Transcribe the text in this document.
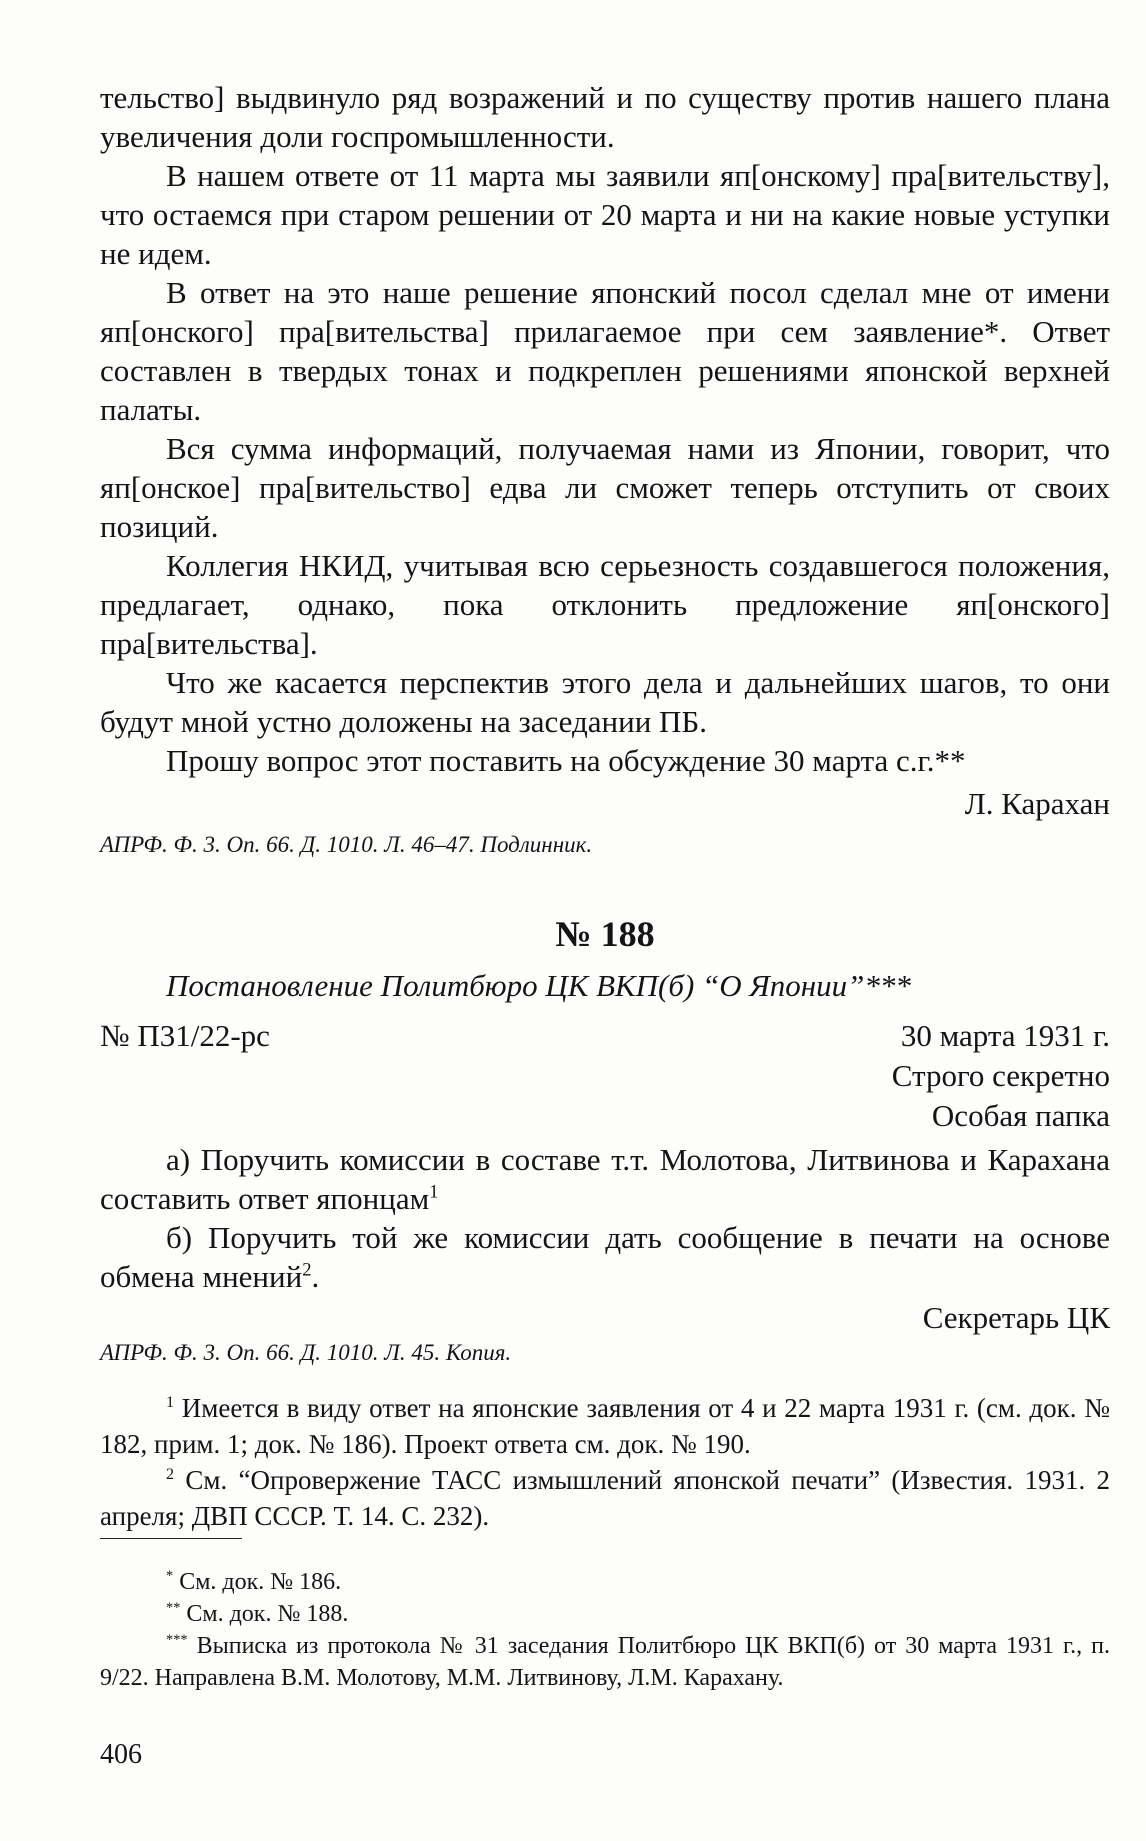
тельство] выдвинуло ряд возражений и по существу против нашего плана увеличения доли госпромышленности.

В нашем ответе от 11 марта мы заявили яп[онскому] пра[вительству], что остаемся при старом решении от 20 марта и ни на какие новые уступки не идем.

В ответ на это наше решение японский посол сделал мне от имени яп[онского] пра[вительства] прилагаемое при сем заявление*. Ответ составлен в твердых тонах и подкреплен решениями японской верхней палаты.

Вся сумма информаций, получаемая нами из Японии, говорит, что яп[онское] пра[вительство] едва ли сможет теперь отступить от своих позиций.

Коллегия НКИД, учитывая всю серьезность создавшегося положения, предлагает, однако, пока отклонить предложение яп[онского] пра[вительства].

Что же касается перспектив этого дела и дальнейших шагов, то они будут мной устно доложены на заседании ПБ.

Прошу вопрос этот поставить на обсуждение 30 марта с.г.**

Л. Карахан

АПРФ. Ф. 3. Оп. 66. Д. 1010. Л. 46–47. Подлинник.
№ 188
Постановление Политбюро ЦК ВКП(б) “О Японии”***
№ П31/22-рс	30 марта 1931 г.
Строго секретно
Особая папка

а) Поручить комиссии в составе т.т. Молотова, Литвинова и Карахана составить ответ японцам$^1$

б) Поручить той же комиссии дать сообщение в печати на основе обмена мнений$^2$.

Секретарь ЦК

АПРФ. Ф. 3. Оп. 66. Д. 1010. Л. 45. Копия.

$^1$ Имеется в виду ответ на японские заявления от 4 и 22 марта 1931 г. (см. док. № 182, прим. 1; док. № 186). Проект ответа см. док. № 190.

$^2$ См. “Опровержение ТАСС измышлений японской печати” (Известия. 1931. 2 апреля; ДВП СССР. Т. 14. С. 232).

* См. док. № 186.

** См. док. № 188.

*** Выписка из протокола № 31 заседания Политбюро ЦК ВКП(б) от 30 марта 1931 г., п. 9/22. Направлена В.М. Молотову, М.М. Литвинову, Л.М. Карахану.

406
